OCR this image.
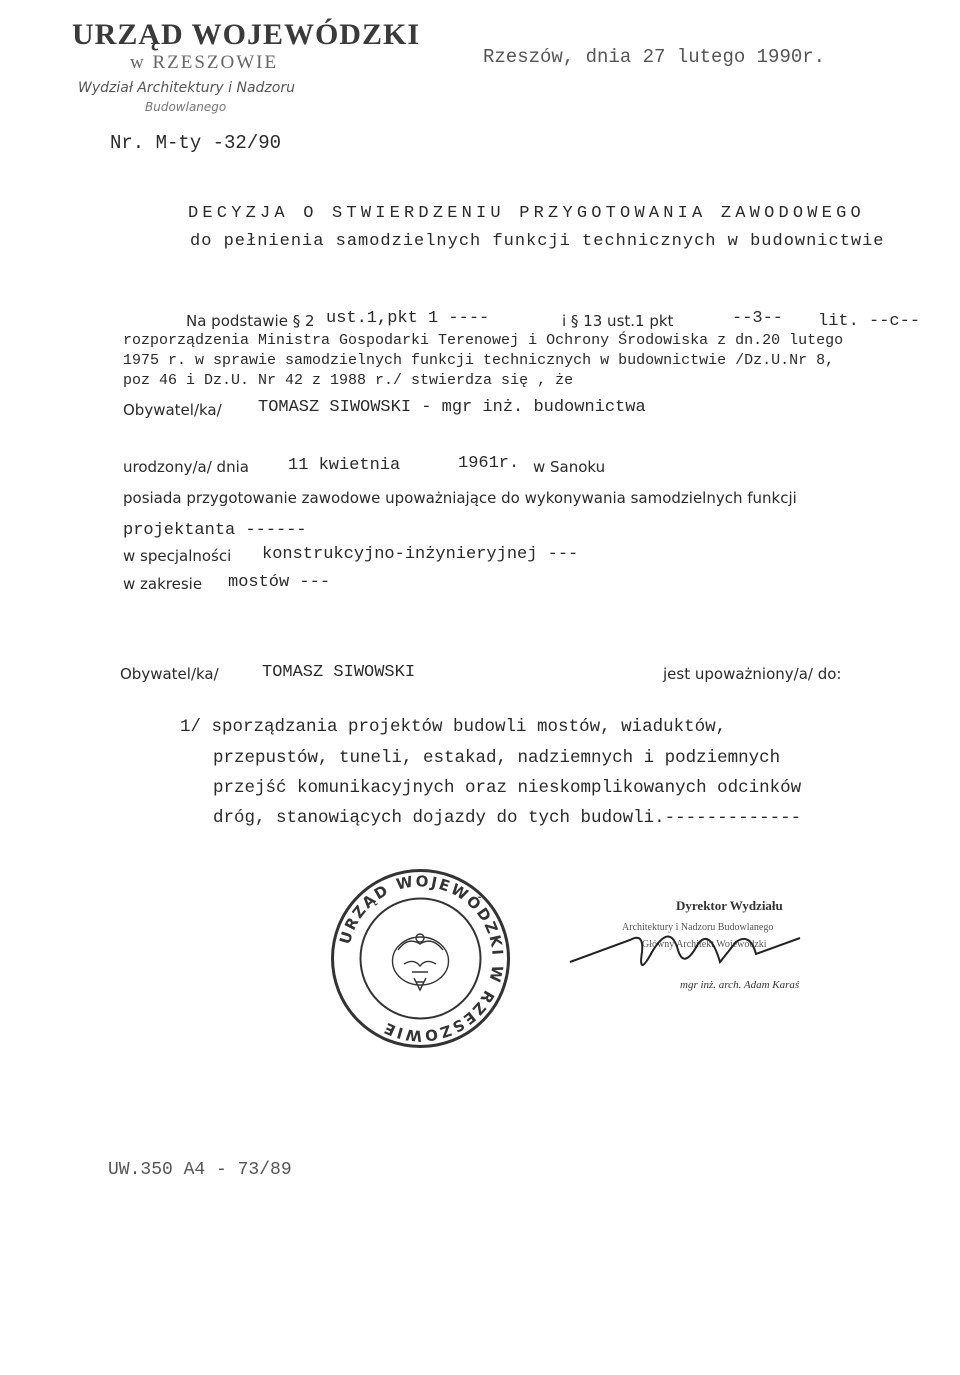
URZĄD WOJEWÓDZKI
w RZESZOWIE
Wydział Architektury i Nadzoru
Budowlanego
Rzeszów, dnia 27 lutego 1990r.
Nr. M-ty -32/90
DECYZJA O STWIERDZENIU PRZYGOTOWANIA ZAWODOWEGO
do pełnienia samodzielnych funkcji technicznych w budownictwie
Na podstawie § 2 ust.1,pkt 1 ----	i § 13 ust.1 pkt	--3-- lit. --c--
rozporządzenia Ministra Gospodarki Terenowej i Ochrony Środowiska z dn.20 lutego
1975 r. w sprawie samodzielnych funkcji technicznych w budownictwie /Dz.U.Nr 8,
poz 46 i Dz.U. Nr 42 z 1988 r./ stwierdza się , że
Obywatel/ka/ TOMASZ SIWOWSKI - mgr inż. budownictwa
urodzony/a/ dnia 11 kwietnia	1961r. w Sanoku
posiada przygotowanie zawodowe upoważniające do wykonywania samodzielnych funkcji
projektanta ------
w specjalności konstrukcyjno-inżynieryjnej ---
w zakresie mostów ---
Obywatel/ka/	TOMASZ SIWOWSKI	jest upoważniony/a/ do:
1/ sporządzania projektów budowli mostów, wiaduktów,
przepustów, tuneli, estakad, nadziemnych i podziemnych
przejść komunikacyjnych oraz nieskomplikowanych odcinków
dróg, stanowiących dojazdy do tych budowli.-------------
URZĄD WOJEWÓDZKI W RZESZOWIE
Dyrektor Wydziału
Architektury i Nadzoru Budowlanego
Główny Architekt Wojewódzki
mgr inż. arch. Adam Karaś
UW.350 A4 - 73/89
